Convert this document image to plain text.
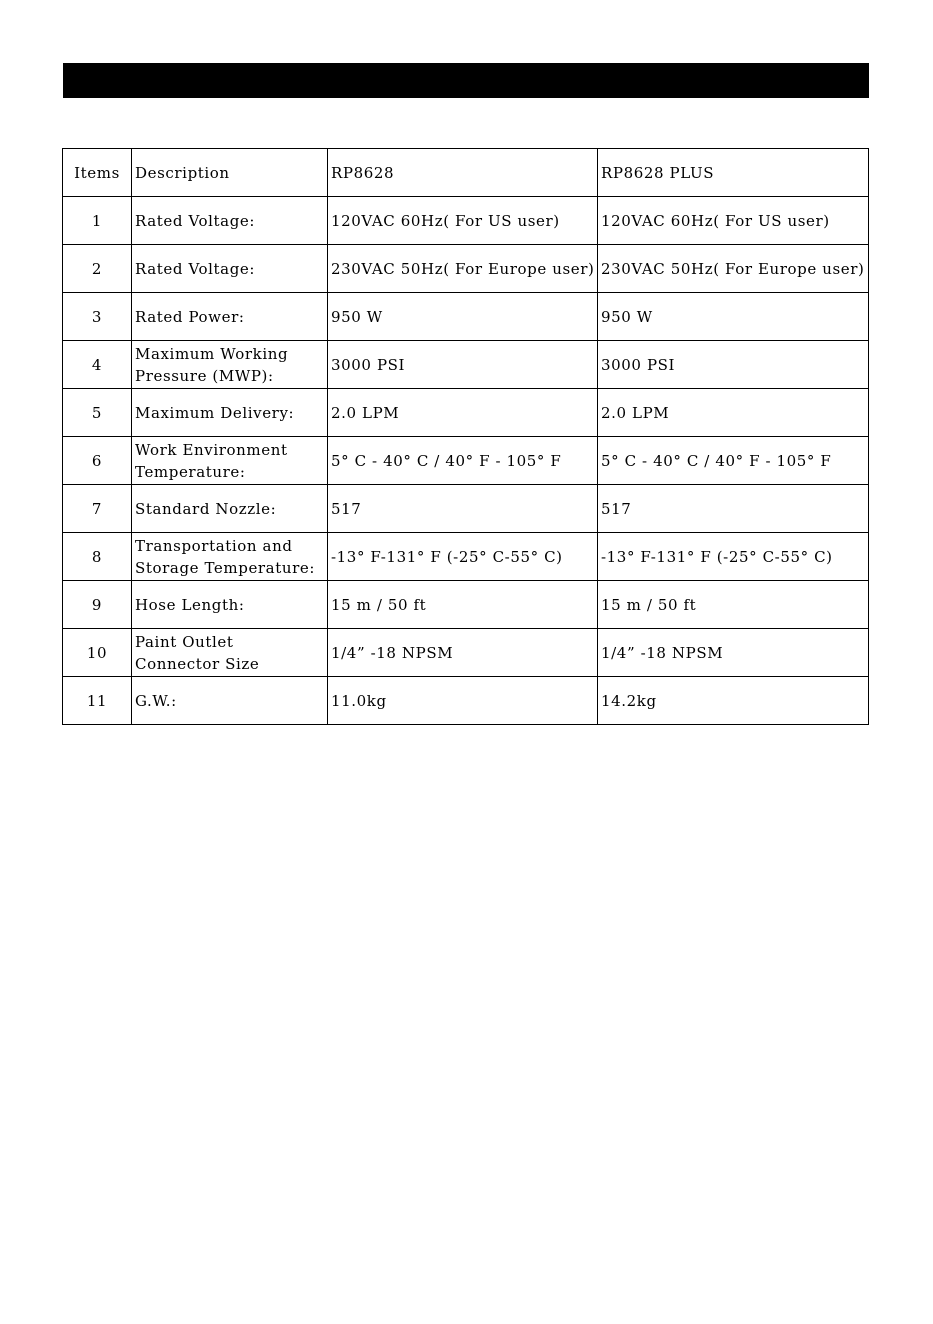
Items	Description	RP8628	RP8628 PLUS
1	Rated Voltage:	120VAC 60Hz( For US user)	120VAC 60Hz( For US user)
2	Rated Voltage:	230VAC 50Hz( For Europe user)	230VAC 50Hz( For Europe user)
3	Rated Power:	950 W	950 W
4	Maximum Working
Pressure (MWP):	3000 PSI	3000 PSI
5	Maximum Delivery:	2.0 LPM	2.0 LPM
6	Work Environment
Temperature:	5° C - 40° C / 40° F - 105° F	5° C - 40° C / 40° F - 105° F
7	Standard Nozzle:	517	517
8	Transportation and
Storage Temperature:	-13° F-131° F (-25° C-55° C)	-13° F-131° F (-25° C-55° C)
9	Hose Length:	15 m / 50 ft	15 m / 50 ft
10	Paint Outlet
Connector Size	1/4” -18 NPSM	1/4” -18 NPSM
11	G.W.:	11.0kg	14.2kg
